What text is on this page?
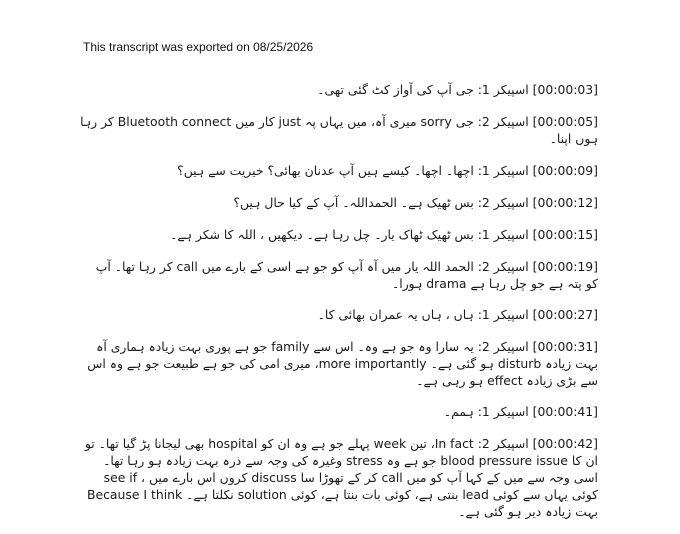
This transcript was exported on 08/25/2026

[00:00:03] اسپیکر 1: جی آپ کی آواز کٹ گئی تھی۔

[00:00:05] اسپیکر 2: جی sorry میری آہ، میں یہاں پہ just کار میں Bluetooth connect کر رہا ہوں اپنا۔

[00:00:09] اسپیکر 1: اچھا۔ اچھا۔ کیسے ہیں آپ عدنان بھائی؟ خیریت سے ہیں؟

[00:00:12] اسپیکر 2: بس ٹھیک ہے۔ الحمداللہ۔ آپ کے کیا حال ہیں؟

[00:00:15] اسپیکر 1: بس ٹھیک ٹھاک یار۔ چل رہا ہے۔ دیکھیں ، اللہ کا شکر ہے۔

[00:00:19] اسپیکر 2: الحمد اللہ یار میں آہ آپ کو جو ہے اسی کے بارے میں call کر رہا تھا۔ آپ کو پتہ ہے جو چل رہا ہے drama ہورا۔

[00:00:27] اسپیکر 1: ہاں ، ہاں یہ عمران بھائی کا۔

[00:00:31] اسپیکر 2: یہ سارا وہ جو ہے وہ۔ اس سے family جو ہے پوری بہت زیادہ ہماری آہ بہت زیادہ disturb ہو گئی ہے۔ more importantly، میری امی کی جو ہے طبیعت جو ہے وہ اس سے بڑی زیادہ effect ہو رہی ہے۔

[00:00:41] اسپیکر 1: ہمم۔

[00:00:42] اسپیکر 2: In fact، تین week پہلے جو ہے وہ ان کو hospital بھی لیجانا پڑ گیا تھا۔ تو ان کا blood pressure issue جو ہے وہ stress وغیرہ کی وجہ سے ذرہ بہت زیادہ ہو رہا تھا۔ اسی وجہ سے میں کے کہا آپ کو میں call کر کے تھوڑا سا discuss کروں اس بارے میں ، see if کوئی یہاں سے کوئی lead بنتی ہے، کوئی بات بنتا ہے، کوئی solution نکلتا ہے۔ Because I think بہت زیادہ دیر ہو گئی ہے۔
